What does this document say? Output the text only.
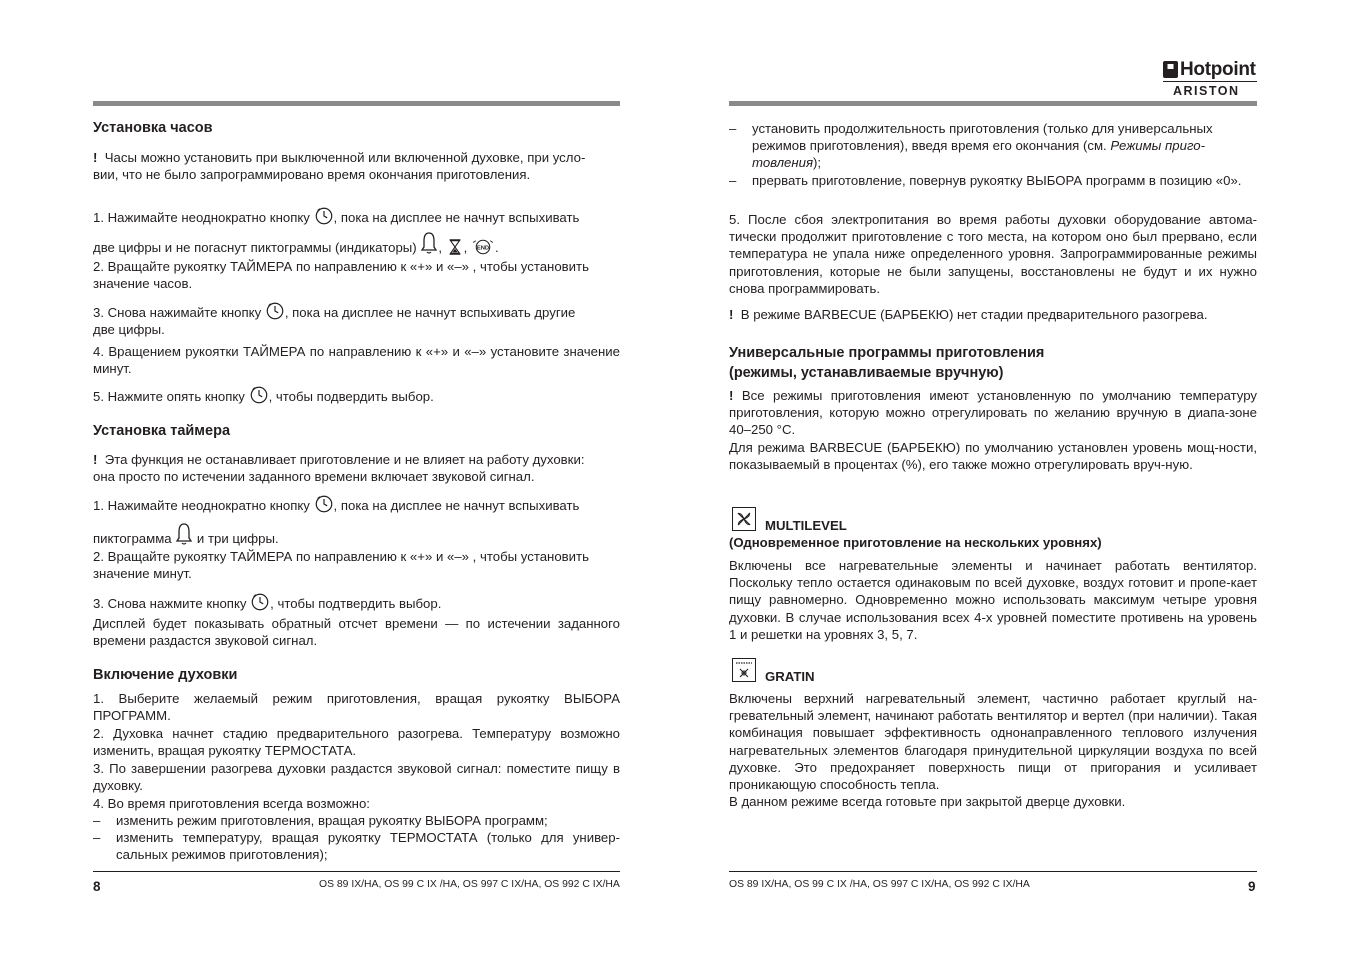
Hotpoint
ARISTON
Установка часов
! Часы можно установить при выключенной или включенной духовке, при усло-
вии, что не было запрограммировано время окончания приготовления.
1. Нажимайте неоднократно кнопку , пока на дисплее не начнут вспыхивать
две цифры и не погаснут пиктограммы (индикаторы) , , .
2. Вращайте рукоятку ТАЙМЕРА по направлению к «+» и «–» , чтобы установить
значение часов.
3. Снова нажимайте кнопку , пока на дисплее не начнут вспыхивать другие
две цифры.
4. Вращением рукоятки ТАЙМЕРА по направлению к «+» и «–» установите значение минут.
5. Нажмите опять кнопку , чтобы подвердить выбор.
Установка таймера
! Эта функция не останавливает приготовление и не влияет на работу духовки:
она просто по истечении заданного времени включает звуковой сигнал.
1. Нажимайте неоднократно кнопку , пока на дисплее не начнут вспыхивать
пиктограмма  и три цифры.
2. Вращайте рукоятку ТАЙМЕРА по направлению к «+» и «–» , чтобы установить
значение минут.
3. Снова нажмите кнопку , чтобы подтвердить выбор.
Дисплей будет показывать обратный отсчет времени — по истечении заданного времени раздастся звуковой сигнал.
Включение духовки
1. Выберите желаемый режим приготовления, вращая рукоятку ВЫБОРА ПРОГРАММ.
2. Духовка начнет стадию предварительного разогрева. Температуру возможно изменить, вращая рукоятку ТЕРМОСТАТА.
3. По завершении разогрева духовки раздастся звуковой сигнал: поместите пищу в духовку.
4. Во время приготовления всегда возможно:
–	изменить режим приготовления, вращая рукоятку ВЫБОРА программ;
–	изменить температуру, вращая рукоятку ТЕРМОСТАТА (только для универ-сальных режимов приготовления);
8	OS 89 IX/HA, OS 99 C IX /HA, OS 997 C IX/HA, OS 992 C IX/HA
–	установить продолжительность приготовления (только для универсальных
режимов приготовления), введя время его окончания (см. Режимы приго-
товления);
–	прервать приготовление, повернув рукоятку ВЫБОРА программ в позицию «0».
5. После сбоя электропитания во время работы духовки оборудование автома-тически продолжит приготовление с того места, на котором оно был прервано, если температура не упала ниже определенного уровня. Запрограммированные режимы приготовления, которые не были запущены, восстановлены не будут и их нужно снова программировать.
! В режиме BARBECUE (БАРБЕКЮ) нет стадии предварительного разогрева.
Универсальные программы приготовления
(режимы, устанавливаемые вручную)
! Все режимы приготовления имеют установленную по умолчанию температуру приготовления, которую можно отрегулировать по желанию вручную в диапа-зоне 40–250 °C.
Для режима BARBECUE (БАРБЕКЮ) по умолчанию установлен уровень мощ-ности, показываемый в процентах (%), его также можно отрегулировать вруч-ную.
MULTILEVEL
(Одновременное приготовление на нескольких уровнях)
Включены все нагревательные элементы и начинает работать вентилятор. Поскольку тепло остается одинаковым по всей духовке, воздух готовит и пропе-кает пищу равномерно. Одновременно можно использовать максимум четыре уровня духовки. В случае использования всех 4-х уровней поместите противень на уровень 1 и решетки на уровнях 3, 5, 7.
GRATIN
Включены верхний нагревательный элемент, частично работает круглый на-гревательный элемент, начинают работать вентилятор и вертел (при наличии). Такая комбинация повышает эффективность однонаправленного теплового излучения нагревательных элементов благодаря принудительной циркуляции воздуха по всей духовке. Это предохраняет поверхность пищи от пригорания и усиливает проникающую способность тепла.
В данном режиме всегда готовьте при закрытой дверце духовки.
OS 89 IX/HA, OS 99 C IX /HA, OS 997 C IX/HA, OS 992 C IX/HA	9
